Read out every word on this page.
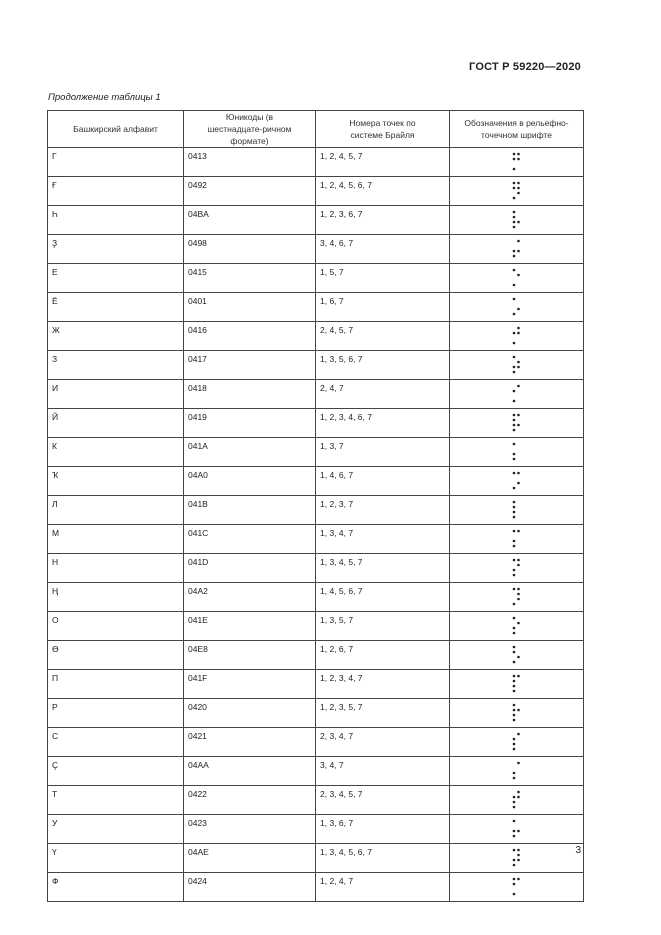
ГОСТ Р 59220—2020
Продолжение таблицы 1
Башкирский алфавит	Юникоды (в шестнадцате-ричном формате)	Номера точек по системе Брайля	Обозначения в рельефно-точечном шрифте
Г	0413	1, 2, 4, 5, 7	

Ғ	0492	1, 2, 4, 5, 6, 7	

Һ	04BA	1, 2, 3, 6, 7	

Ҙ	0498	3, 4, 6, 7	

Е	0415	1, 5, 7	

Ё	0401	1, 6, 7	

Ж	0416	2, 4, 5, 7	

З	0417	1, 3, 5, 6, 7	

И	0418	2, 4, 7	

Й	0419	1, 2, 3, 4, 6, 7	

К	041A	1, 3, 7	

Ҡ	04A0	1, 4, 6, 7	

Л	041B	1, 2, 3, 7	

М	041C	1, 3, 4, 7	

Н	041D	1, 3, 4, 5, 7	

Ң	04A2	1, 4, 5, 6, 7	

О	041E	1, 3, 5, 7	

Ө	04E8	1, 2, 6, 7	

П	041F	1, 2, 3, 4, 7	

Р	0420	1, 2, 3, 5, 7	

С	0421	2, 3, 4, 7	

Ҫ	04AA	3, 4, 7	

Т	0422	2, 3, 4, 5, 7	

У	0423	1, 3, 6, 7	

Ү	04AE	1, 3, 4, 5, 6, 7	

Ф	0424	1, 2, 4, 7	
3
